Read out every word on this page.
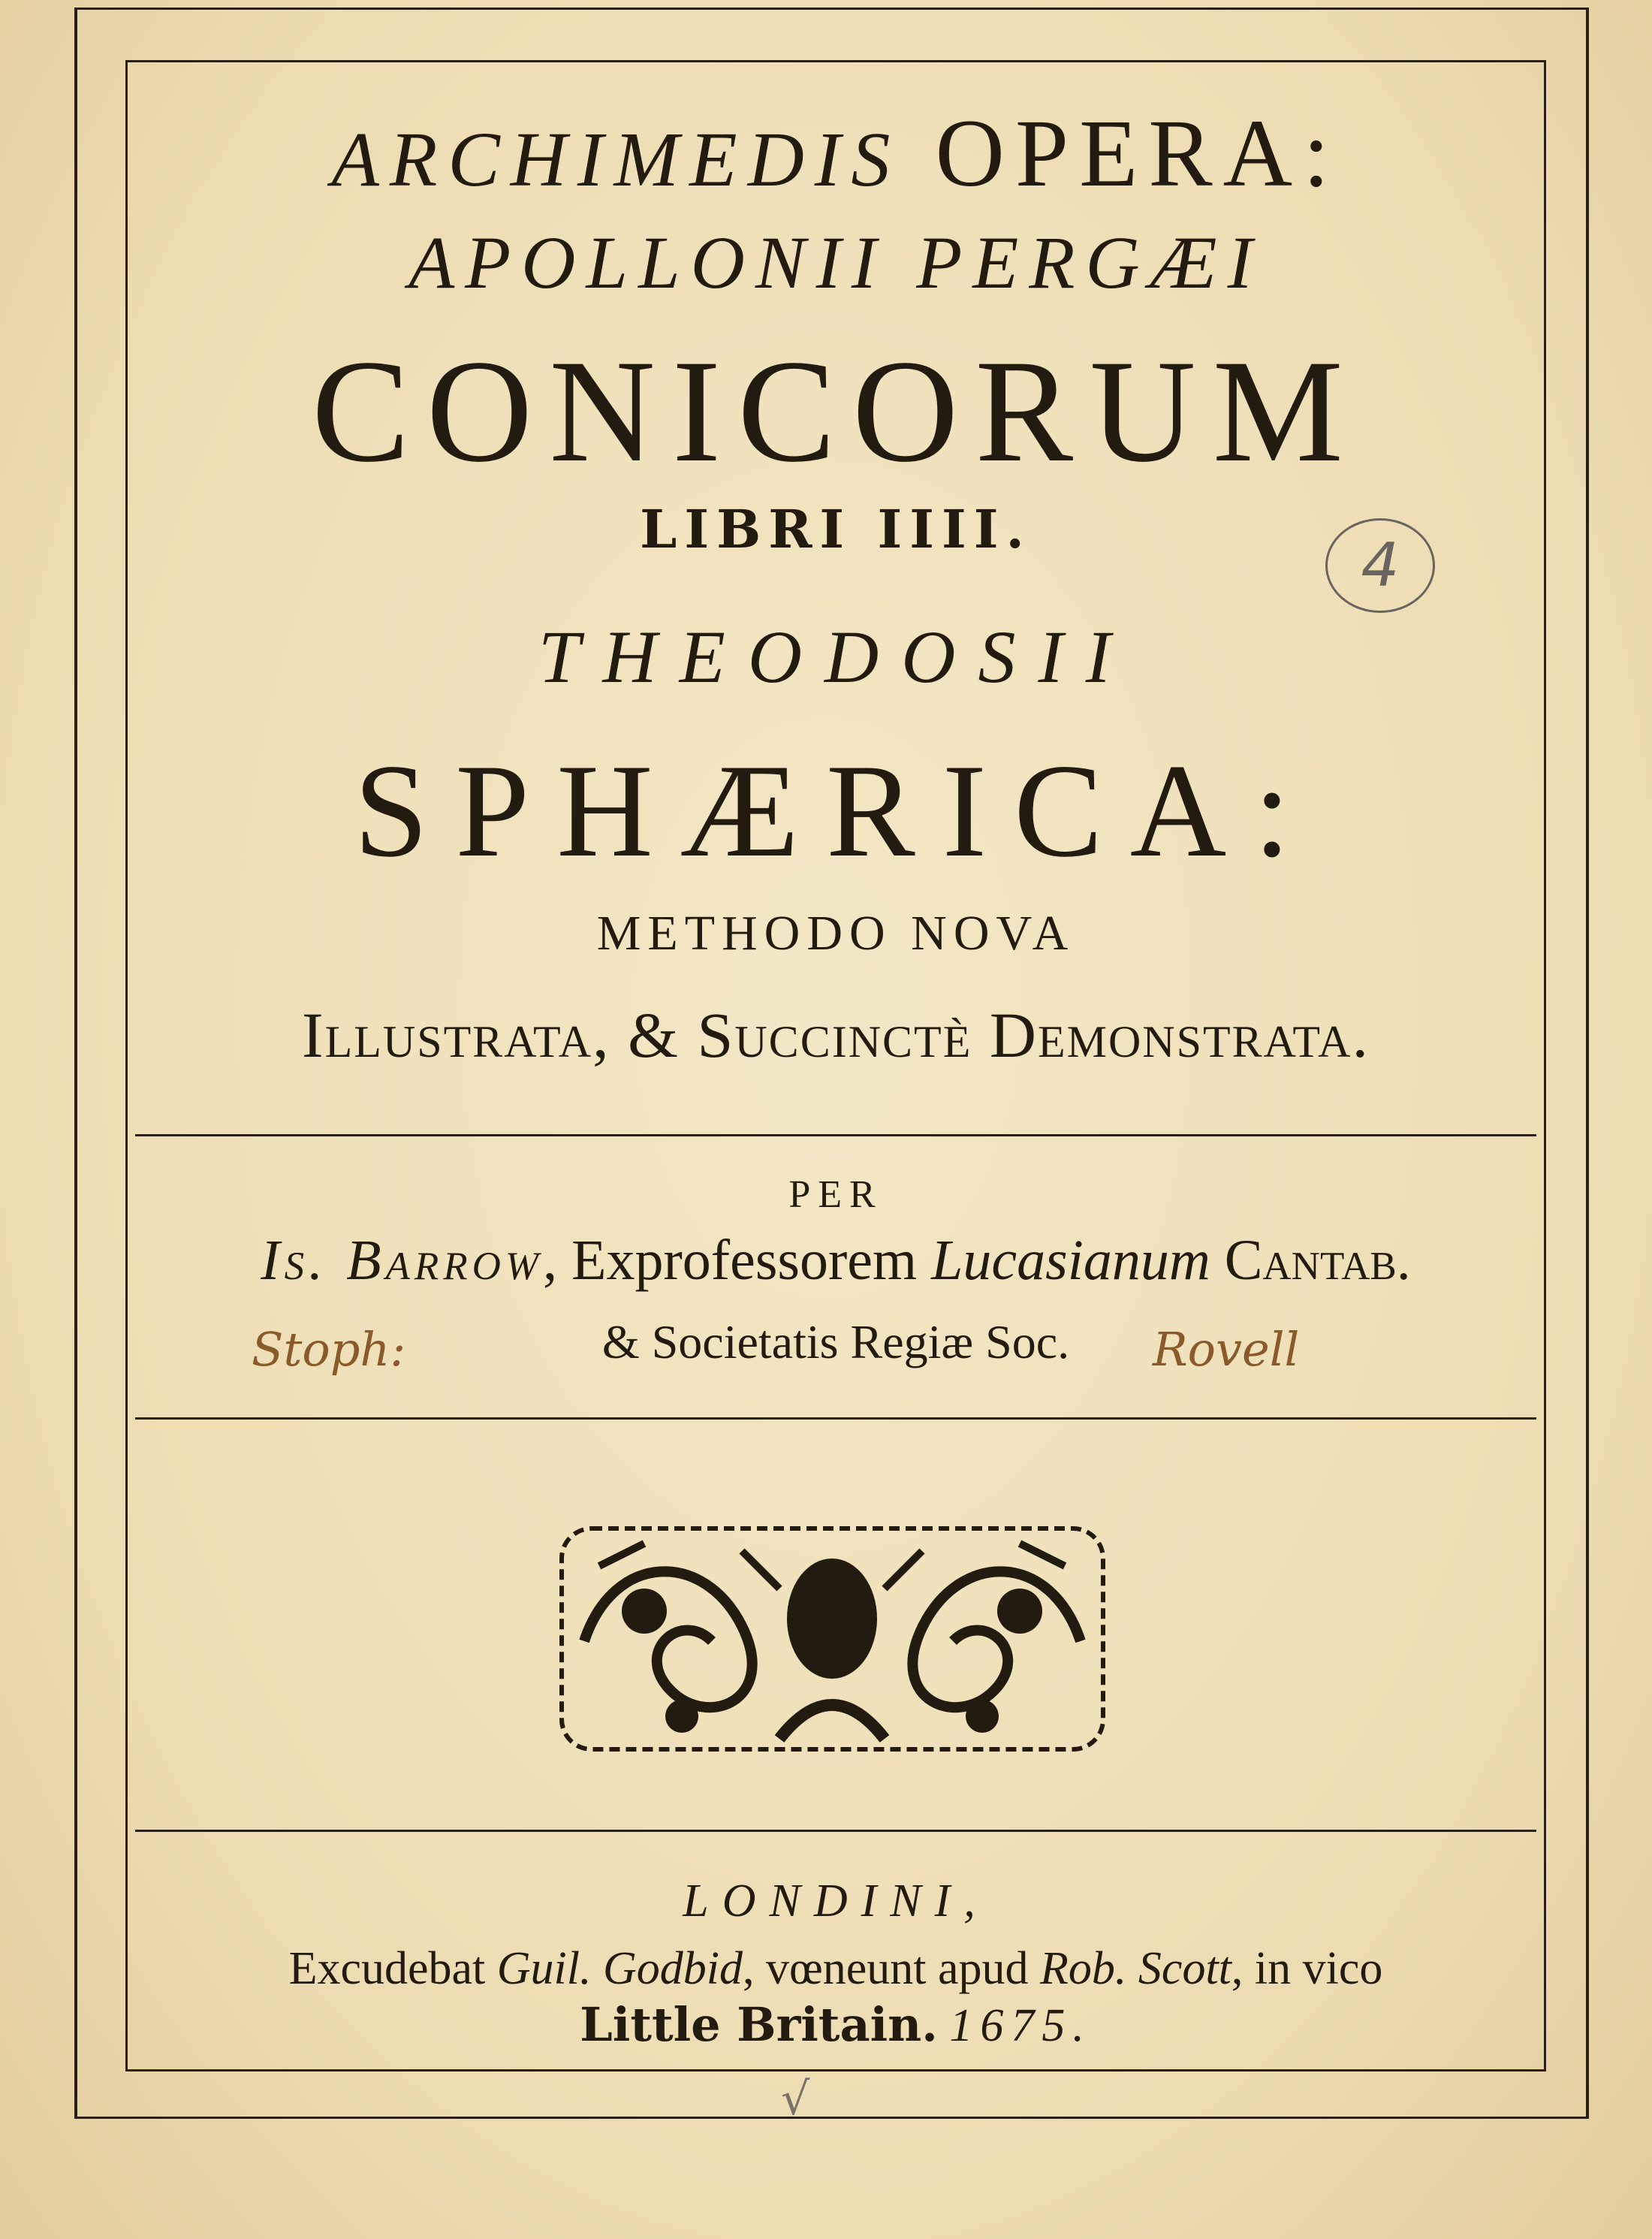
ARCHIMEDIS OPERA:
APOLLONII PERGÆI
CONICORUM
LIBRI IIII.
THEODOSII
SPHÆRICA:
METHODO NOVA
Illustrata, & Succinctè Demonstrata.
PER
Is. Barrow, Exprofessorem Lucasianum Cantab.
& Societatis Regiæ Soc.
Stoph:	Rovell
LONDINI,
Excudebat Guil. Godbid, vœneunt apud Rob. Scott, in vico
Little Britain. 1675.
4
√
